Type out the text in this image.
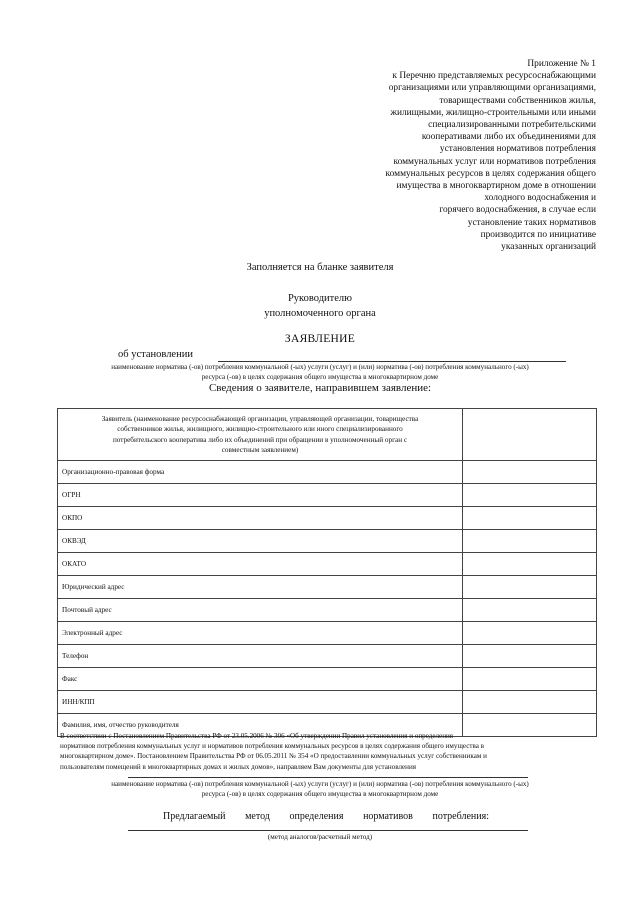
Приложение № 1
к Перечню представляемых ресурсоснабжающими
организациями или управляющими организациями,
товариществами собственников жилья,
жилищными, жилищно-строительными или иными
специализированными потребительскими
кооперативами либо их объединениями для
установления нормативов потребления
коммунальных услуг или нормативов потребления
коммунальных ресурсов в целях содержания общего
имущества в многоквартирном доме в отношении
холодного водоснабжения и
горячего водоснабжения, в случае если
установление таких нормативов
производится по инициативе
указанных организаций
Заполняется на бланке заявителя
Руководителю
уполномоченного органа
ЗАЯВЛЕНИЕ
об установлении
наименование норматива (-ов) потребления коммунальной (-ых) услуги (услуг) и (или) норматива (-ов) потребления коммунального (-ых)
ресурса (-ов) в целях содержания общего имущества в многоквартирном доме
Сведения о заявителе, направившем заявление:
Заявитель (наименование ресурсоснабжающей организации, управляющей организации, товарищества
собственников жилья, жилищного, жилищно-строительного или иного специализированного
потребительского кооператива либо их объединений при обращении в уполномоченный орган с
совместным заявлением)	
Организационно-правовая форма	
ОГРН	
ОКПО	
ОКВЭД	
ОКАТО	
Юридический адрес	
Почтовый адрес	
Электронный адрес	
Телефон	
Факс	
ИНН/КПП	
Фамилия, имя, отчество руководителя	
В соответствии с Постановлением Правительства РФ от 23.05.2006 № 306 «Об утверждении Правил установления и определения
нормативов потребления коммунальных услуг и нормативов потребления коммунальных ресурсов в целях содержания общего имущества в
многоквартирном доме». Постановлением Правительства РФ от 06.05.2011 № 354 «О предоставлении коммунальных услуг собственникам и
пользователям помещений в многоквартирных домах и жилых домов», направляем Вам документы для установления
наименование норматива (-ов) потребления коммунальной (-ых) услуги (услуг) и (или) норматива (-ов) потребления коммунального (-ых)
ресурса (-ов) в целях содержания общего имущества в многоквартирном доме
Предлагаемый метод определения нормативов потребления:
(метод аналогов/расчетный метод)
